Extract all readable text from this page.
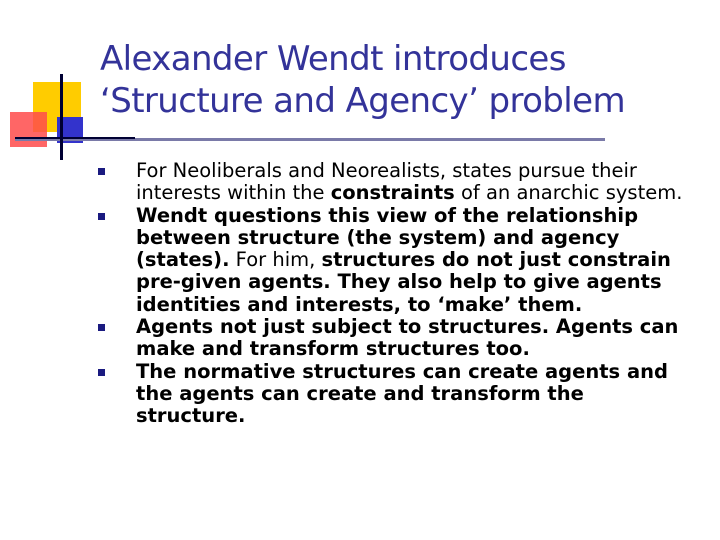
Alexander Wendt introduces
‘Structure and Agency’ problem
For Neoliberals and Neorealists, states pursue their interests within the constraints of an anarchic system.
Wendt questions this view of the relationship between structure (the system) and agency (states). For him, structures do not just constrain pre-given agents. They also help to give agents identities and interests, to ‘make’ them.
Agents not just subject to structures. Agents can make and transform structures too.
The normative structures can create agents and the agents can create and transform the structure.
